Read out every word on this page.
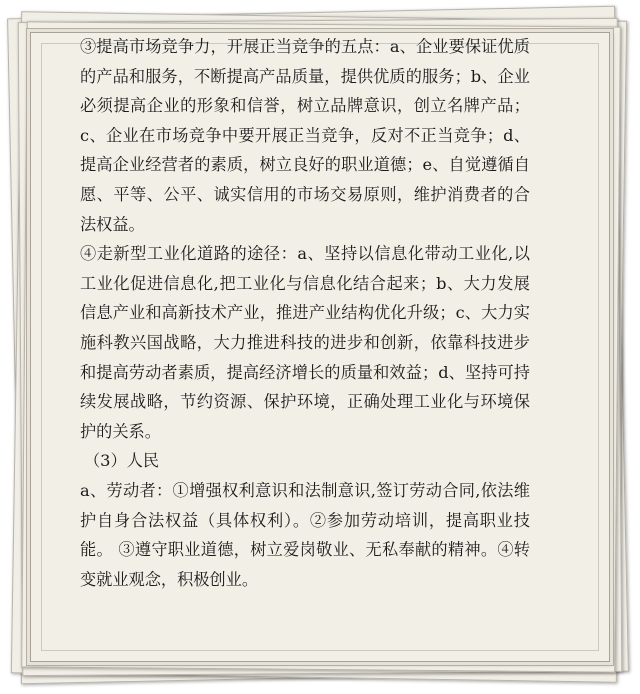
③提高市场竞争力，开展正当竞争的五点：a、企业要保证优质的产品和服务，不断提高产品质量，提供优质的服务；b、企业必须提高企业的形象和信誉，树立品牌意识，创立名牌产品；c、企业在市场竞争中要开展正当竞争，反对不正当竞争；d、提高企业经营者的素质，树立良好的职业道德；e、自觉遵循自愿、平等、公平、诚实信用的市场交易原则，维护消费者的合法权益。

④走新型工业化道路的途径：a、坚持以信息化带动工业化,以工业化促进信息化,把工业化与信息化结合起来；b、大力发展信息产业和高新技术产业，推进产业结构优化升级；c、大力实施科教兴国战略，大力推进科技的进步和创新，依靠科技进步和提高劳动者素质，提高经济增长的质量和效益；d、坚持可持续发展战略，节约资源、保护环境，正确处理工业化与环境保护的关系。

（3）人民

a、劳动者：①增强权利意识和法制意识,签订劳动合同,依法维护自身合法权益（具体权利）。②参加劳动培训，提高职业技能。 ③遵守职业道德，树立爱岗敬业、无私奉献的精神。④转变就业观念，积极创业。
